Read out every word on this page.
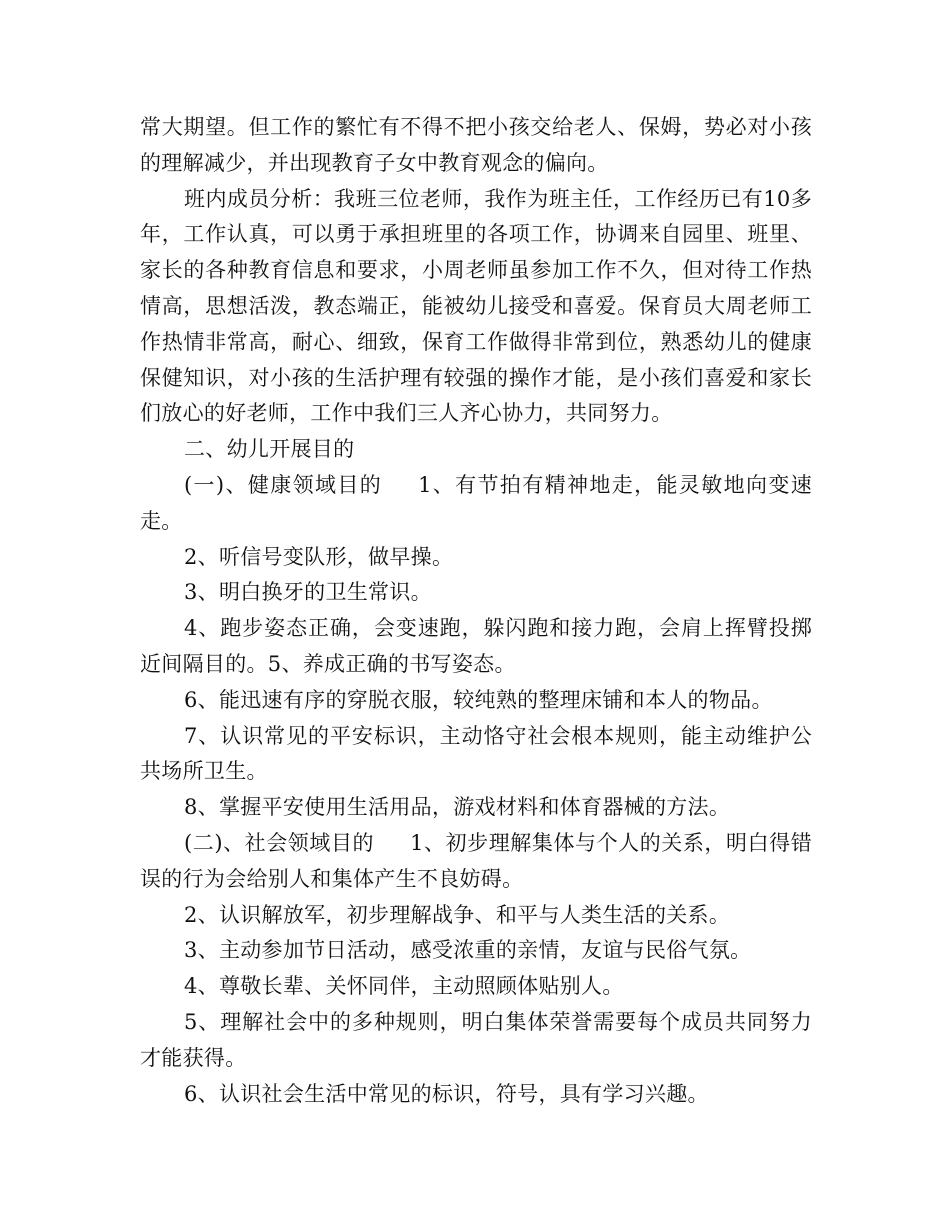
常大期望。但工作的繁忙有不得不把小孩交给老人、保姆，势必对小孩的理解减少，并出现教育子女中教育观念的偏向。

班内成员分析：我班三位老师，我作为班主任，工作经历已有10多年，工作认真，可以勇于承担班里的各项工作，协调来自园里、班里、家长的各种教育信息和要求，小周老师虽参加工作不久，但对待工作热情高，思想活泼，教态端正，能被幼儿接受和喜爱。保育员大周老师工作热情非常高，耐心、细致，保育工作做得非常到位，熟悉幼儿的健康保健知识，对小孩的生活护理有较强的操作才能，是小孩们喜爱和家长们放心的好老师，工作中我们三人齐心协力，共同努力。

二、幼儿开展目的

(一)、健康领域目的 1、有节拍有精神地走，能灵敏地向变速走。

2、听信号变队形，做早操。

3、明白换牙的卫生常识。

4、跑步姿态正确，会变速跑，躲闪跑和接力跑，会肩上挥臂投掷近间隔目的。5、养成正确的书写姿态。

6、能迅速有序的穿脱衣服，较纯熟的整理床铺和本人的物品。

7、认识常见的平安标识，主动恪守社会根本规则，能主动维护公共场所卫生。

8、掌握平安使用生活用品，游戏材料和体育器械的方法。

(二)、社会领域目的 1、初步理解集体与个人的关系，明白得错误的行为会给别人和集体产生不良妨碍。

2、认识解放军，初步理解战争、和平与人类生活的关系。

3、主动参加节日活动，感受浓重的亲情，友谊与民俗气氛。

4、尊敬长辈、关怀同伴，主动照顾体贴别人。

5、理解社会中的多种规则，明白集体荣誉需要每个成员共同努力才能获得。

6、认识社会生活中常见的标识，符号，具有学习兴趣。
